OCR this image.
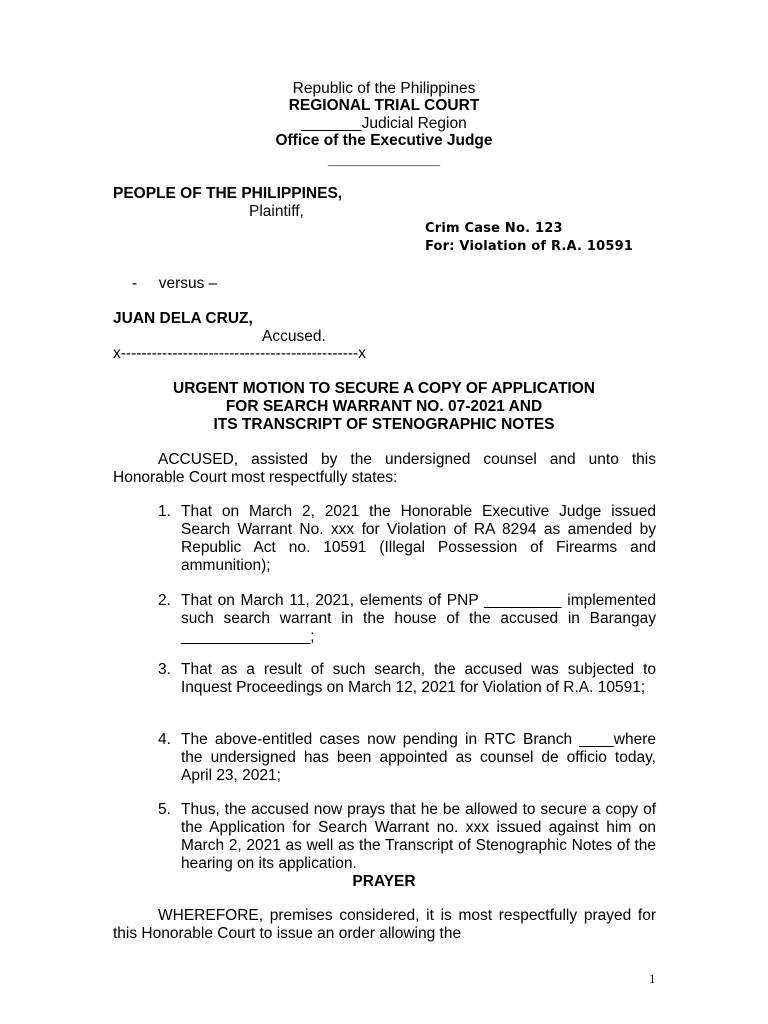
Republic of the Philippines
REGIONAL TRIAL COURT
_______Judicial Region
Office of the Executive Judge
_____________
PEOPLE OF THE PHILIPPINES,
Plaintiff,
Crim Case No. 123
For: Violation of R.A. 10591
-     versus –
JUAN DELA CRUZ,
Accused.
x----------------------------------------------x
URGENT MOTION TO SECURE A COPY OF APPLICATION
FOR SEARCH WARRANT NO. 07-2021 AND
ITS TRANSCRIPT OF STENOGRAPHIC NOTES
ACCUSED, assisted by the undersigned counsel and unto this Honorable Court most respectfully states:
1. That on March 2, 2021 the Honorable Executive Judge issued Search Warrant No. xxx for Violation of RA 8294 as amended by Republic Act no. 10591 (Illegal Possession of Firearms and ammunition);
2. That on March 11, 2021, elements of PNP _________ implemented such search warrant in the house of the accused in Barangay _______________;
3. That as a result of such search, the accused was subjected to Inquest Proceedings on March 12, 2021 for Violation of R.A. 10591;
4. The above-entitled cases now pending in RTC Branch ____where the undersigned has been appointed as counsel de officio today, April 23, 2021;
5. Thus, the accused now prays that he be allowed to secure a copy of the Application for Search Warrant no. xxx issued against him on March 2, 2021 as well as the Transcript of Stenographic Notes of the hearing on its application.
PRAYER
WHEREFORE, premises considered, it is most respectfully prayed for this Honorable Court to issue an order allowing the
1
